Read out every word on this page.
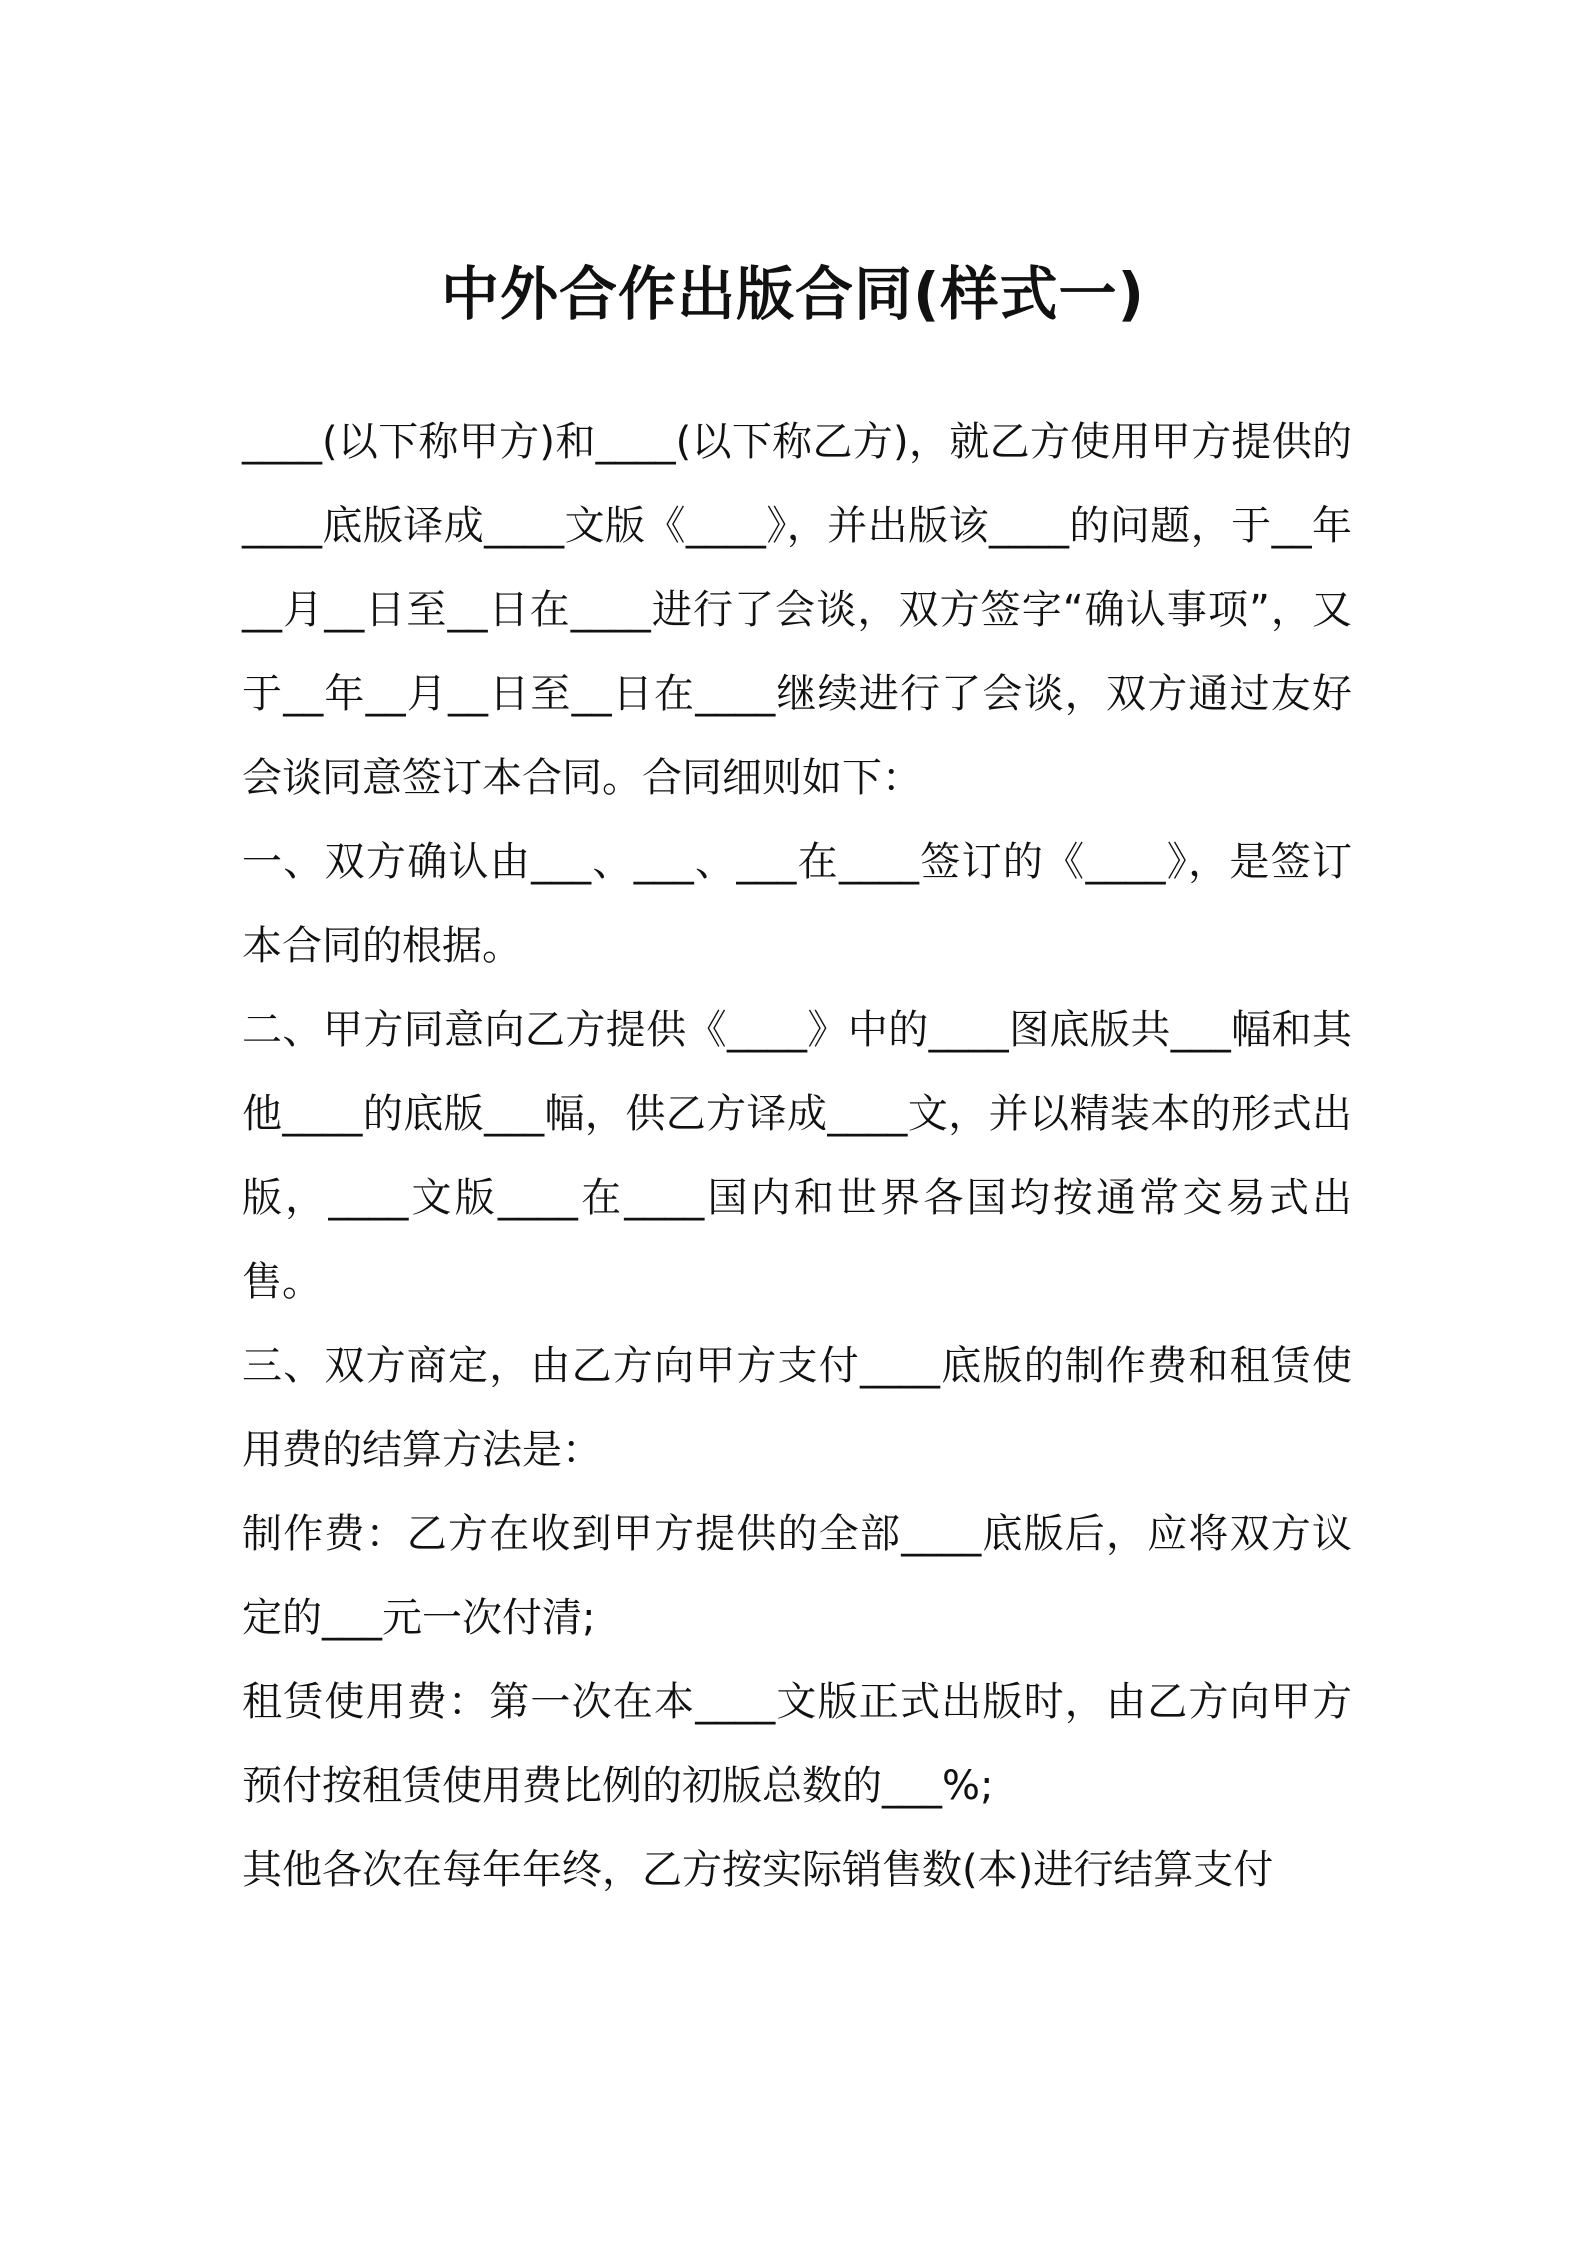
中外合作出版合同(样式一)

____(以下称甲方)和____(以下称乙方)，就乙方使用甲方提供的____底版译成____文版《____》，并出版该____的问题，于__年__月__日至__日在____进行了会谈，双方签字“确认事项”，又于__年__月__日至__日在____继续进行了会谈，双方通过友好会谈同意签订本合同。合同细则如下：

一、双方确认由___、___、___在____签订的《____》，是签订本合同的根据。

二、甲方同意向乙方提供《____》中的____图底版共___幅和其他____的底版___幅，供乙方译成____文，并以精装本的形式出版，____文版____在____国内和世界各国均按通常交易式出售。

三、双方商定，由乙方向甲方支付____底版的制作费和租赁使用费的结算方法是：

制作费：乙方在收到甲方提供的全部____底版后，应将双方议定的___元一次付清;

租赁使用费：第一次在本____文版正式出版时，由乙方向甲方预付按租赁使用费比例的初版总数的___%;

其他各次在每年年终，乙方按实际销售数(本)进行结算支付
